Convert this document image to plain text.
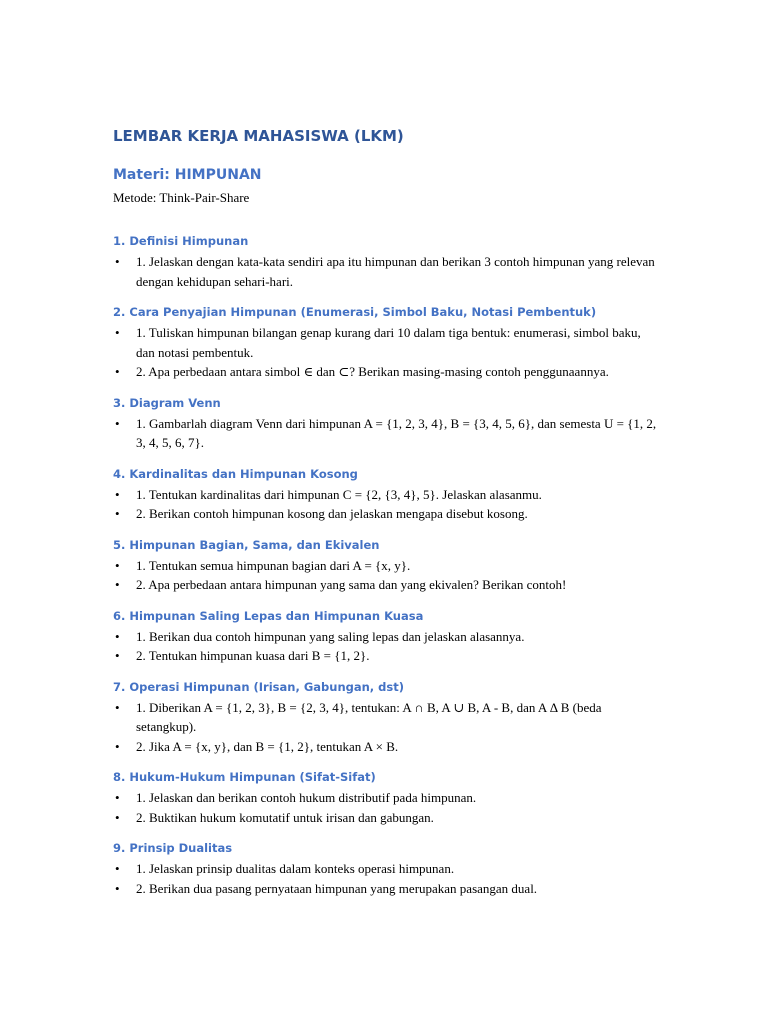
LEMBAR KERJA MAHASISWA (LKM)
Materi: HIMPUNAN

Metode: Think-Pair-Share

1. Definisi Himpunan
• 1. Jelaskan dengan kata-kata sendiri apa itu himpunan dan berikan 3 contoh himpunan yang relevan dengan kehidupan sehari-hari.
2. Cara Penyajian Himpunan (Enumerasi, Simbol Baku, Notasi Pembentuk)
• 1. Tuliskan himpunan bilangan genap kurang dari 10 dalam tiga bentuk: enumerasi, simbol baku, dan notasi pembentuk.
• 2. Apa perbedaan antara simbol ∈ dan ⊂? Berikan masing-masing contoh penggunaannya.
3. Diagram Venn
• 1. Gambarlah diagram Venn dari himpunan A = {1, 2, 3, 4}, B = {3, 4, 5, 6}, dan semesta U = {1, 2, 3, 4, 5, 6, 7}.
4. Kardinalitas dan Himpunan Kosong
• 1. Tentukan kardinalitas dari himpunan C = {2, {3, 4}, 5}. Jelaskan alasanmu.
• 2. Berikan contoh himpunan kosong dan jelaskan mengapa disebut kosong.
5. Himpunan Bagian, Sama, dan Ekivalen
• 1. Tentukan semua himpunan bagian dari A = {x, y}.
• 2. Apa perbedaan antara himpunan yang sama dan yang ekivalen? Berikan contoh!
6. Himpunan Saling Lepas dan Himpunan Kuasa
• 1. Berikan dua contoh himpunan yang saling lepas dan jelaskan alasannya.
• 2. Tentukan himpunan kuasa dari B = {1, 2}.
7. Operasi Himpunan (Irisan, Gabungan, dst)
• 1. Diberikan A = {1, 2, 3}, B = {2, 3, 4}, tentukan: A ∩ B, A ∪ B, A - B, dan A Δ B (beda setangkup).
• 2. Jika A = {x, y}, dan B = {1, 2}, tentukan A × B.
8. Hukum-Hukum Himpunan (Sifat-Sifat)
• 1. Jelaskan dan berikan contoh hukum distributif pada himpunan.
• 2. Buktikan hukum komutatif untuk irisan dan gabungan.
9. Prinsip Dualitas
• 1. Jelaskan prinsip dualitas dalam konteks operasi himpunan.
• 2. Berikan dua pasang pernyataan himpunan yang merupakan pasangan dual.
